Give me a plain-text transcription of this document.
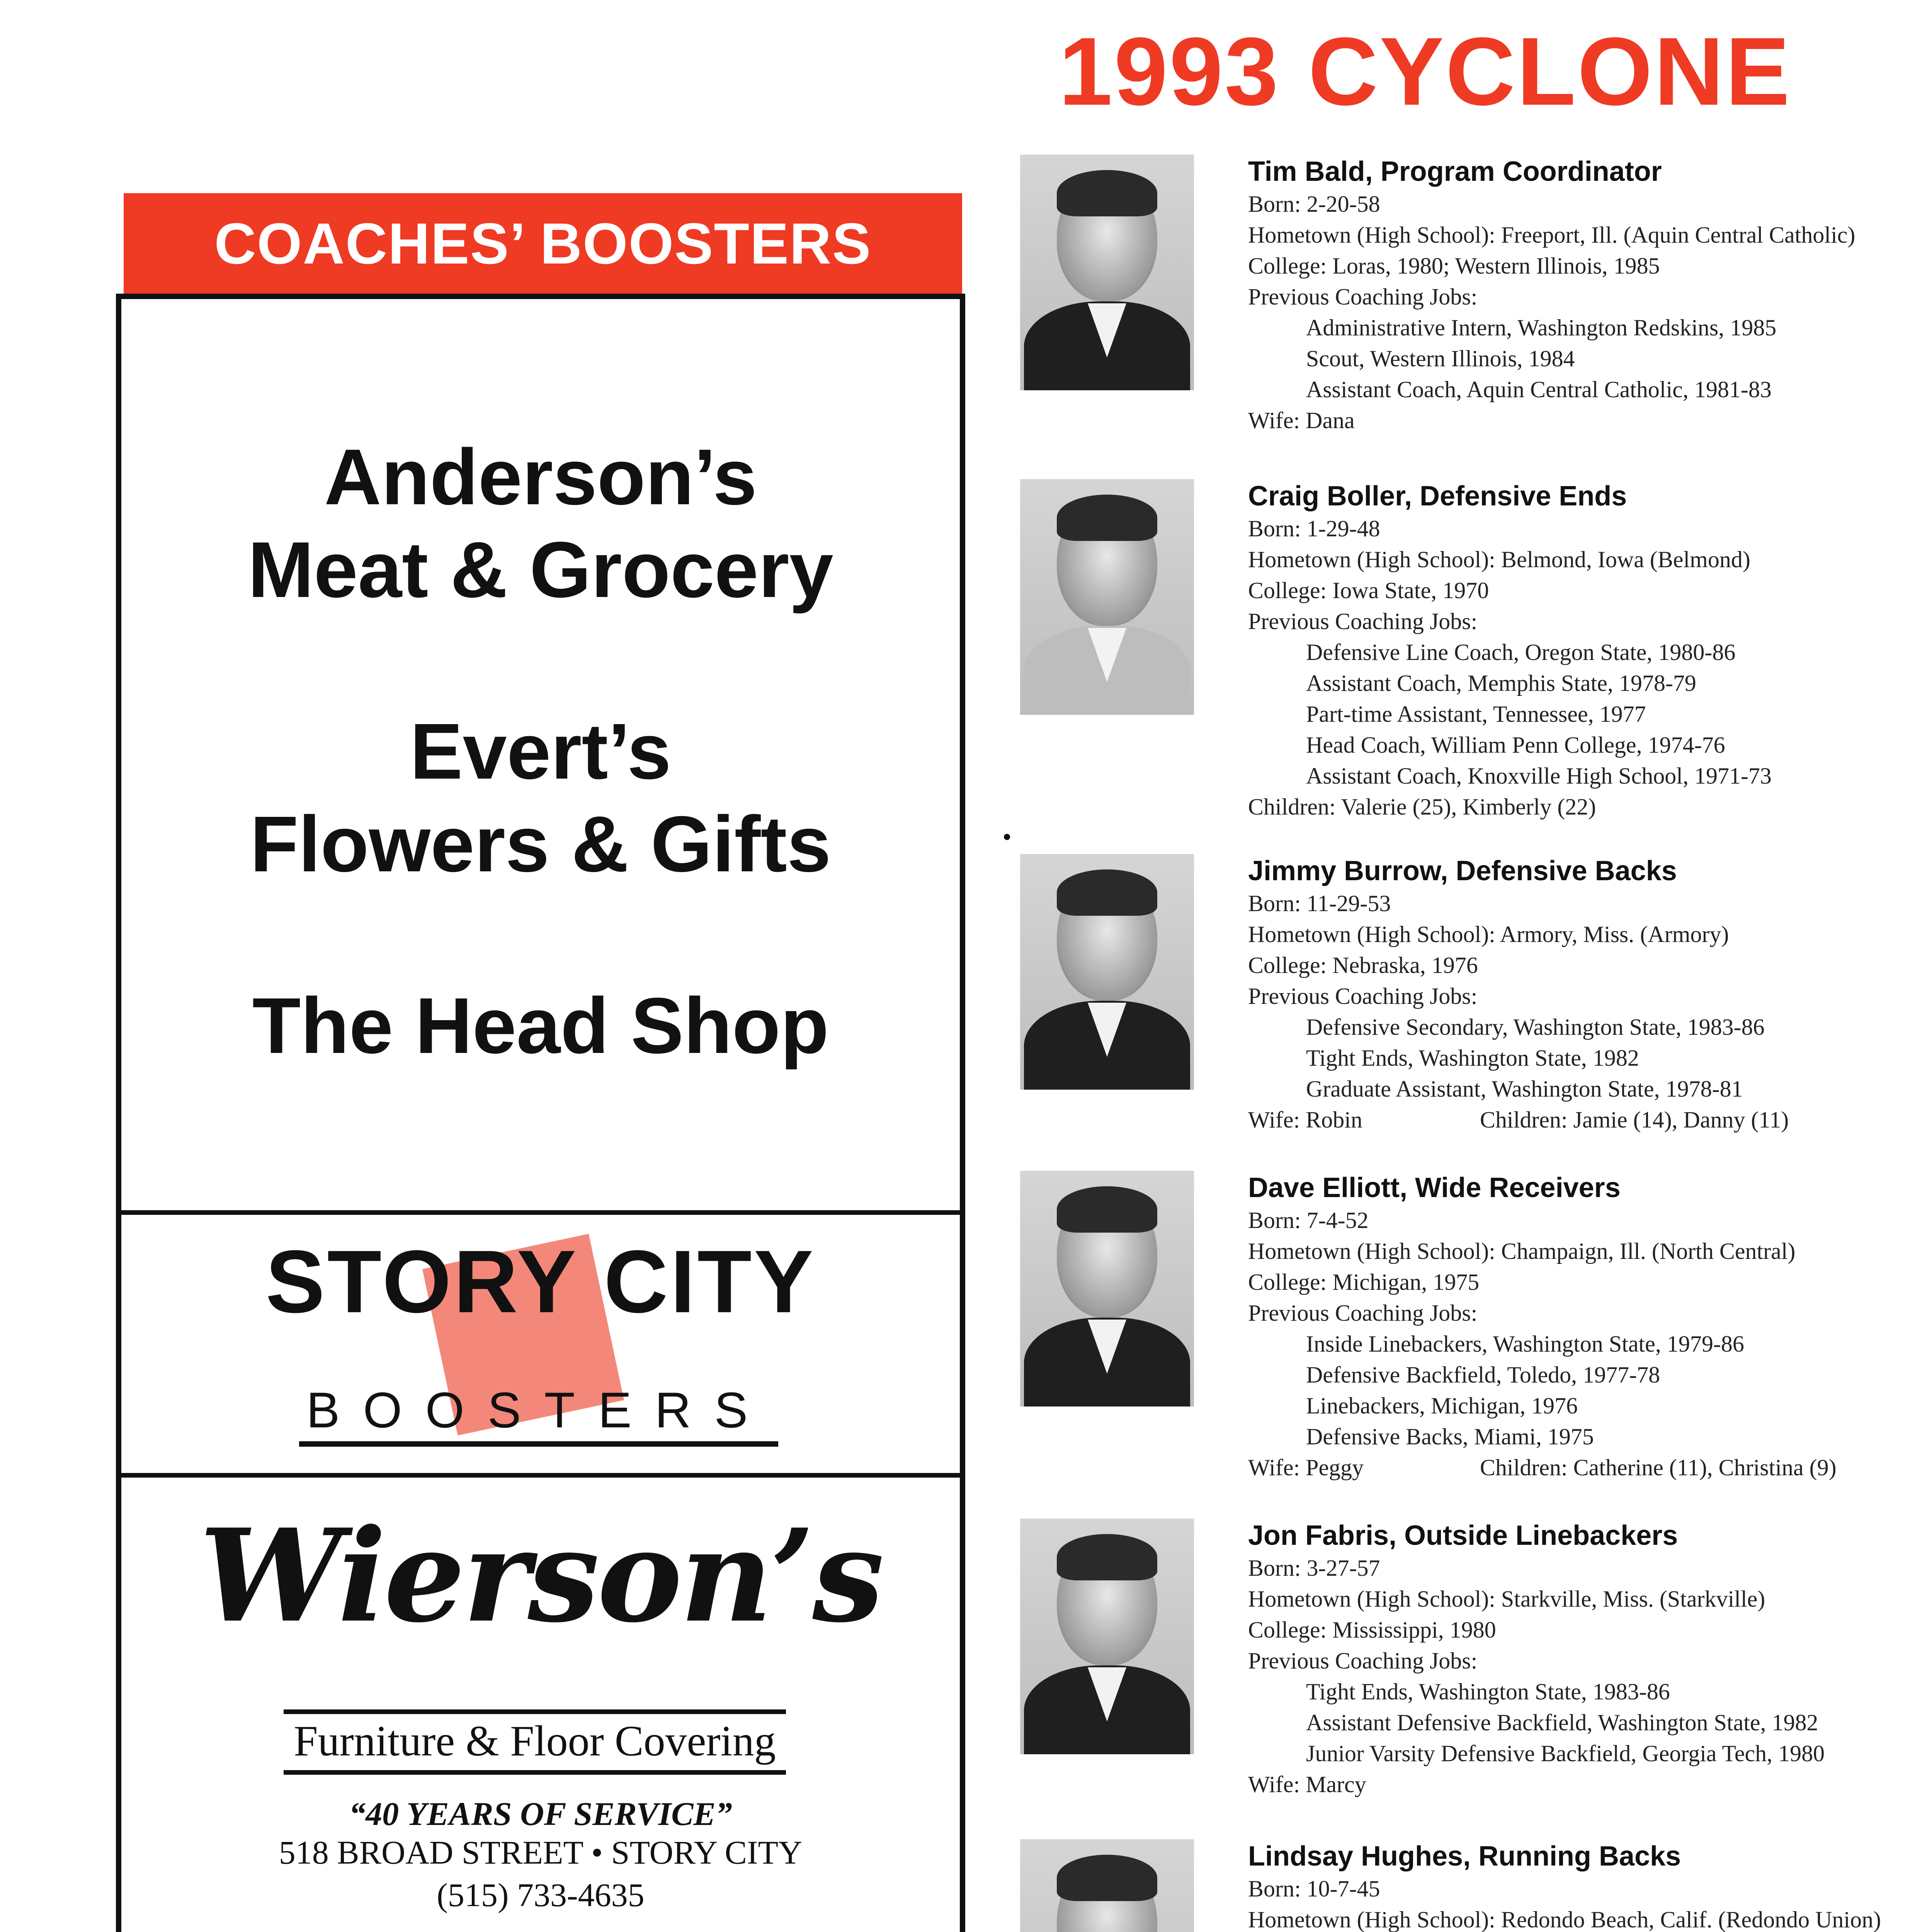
1993 CYCLONE
COACHES’ BOOSTERS
Anderson’s
Meat & Grocery
Evert’s
Flowers & Gifts
The Head Shop
STORY CITY
BOOSTERS
Wierson’s
Furniture & Floor Covering
“40 YEARS OF SERVICE”
518 BROAD STREET • STORY CITY
(515) 733-4635
Tim Bald, Program Coordinator
Born: 2-20-58
Hometown (High School): Freeport, Ill. (Aquin Central Catholic)
College: Loras, 1980; Western Illinois, 1985
Previous Coaching Jobs:
Administrative Intern, Washington Redskins, 1985
Scout, Western Illinois, 1984
Assistant Coach, Aquin Central Catholic, 1981-83
Wife: Dana
Craig Boller, Defensive Ends
Born: 1-29-48
Hometown (High School): Belmond, Iowa (Belmond)
College: Iowa State, 1970
Previous Coaching Jobs:
Defensive Line Coach, Oregon State, 1980-86
Assistant Coach, Memphis State, 1978-79
Part-time Assistant, Tennessee, 1977
Head Coach, William Penn College, 1974-76
Assistant Coach, Knoxville High School, 1971-73
Children: Valerie (25), Kimberly (22)
Jimmy Burrow, Defensive Backs
Born: 11-29-53
Hometown (High School): Armory, Miss. (Armory)
College: Nebraska, 1976
Previous Coaching Jobs:
Defensive Secondary, Washington State, 1983-86
Tight Ends, Washington State, 1982
Graduate Assistant, Washington State, 1978-81
Wife: Robin	Children: Jamie (14), Danny (11)
Dave Elliott, Wide Receivers
Born: 7-4-52
Hometown (High School): Champaign, Ill. (North Central)
College: Michigan, 1975
Previous Coaching Jobs:
Inside Linebackers, Washington State, 1979-86
Defensive Backfield, Toledo, 1977-78
Linebackers, Michigan, 1976
Defensive Backs, Miami, 1975
Wife: Peggy	Children: Catherine (11), Christina (9)
Jon Fabris, Outside Linebackers
Born: 3-27-57
Hometown (High School): Starkville, Miss. (Starkville)
College: Mississippi, 1980
Previous Coaching Jobs:
Tight Ends, Washington State, 1983-86
Assistant Defensive Backfield, Washington State, 1982
Junior Varsity Defensive Backfield, Georgia Tech, 1980
Wife: Marcy
Lindsay Hughes, Running Backs
Born: 10-7-45
Hometown (High School): Redondo Beach, Calif. (Redondo Union)
